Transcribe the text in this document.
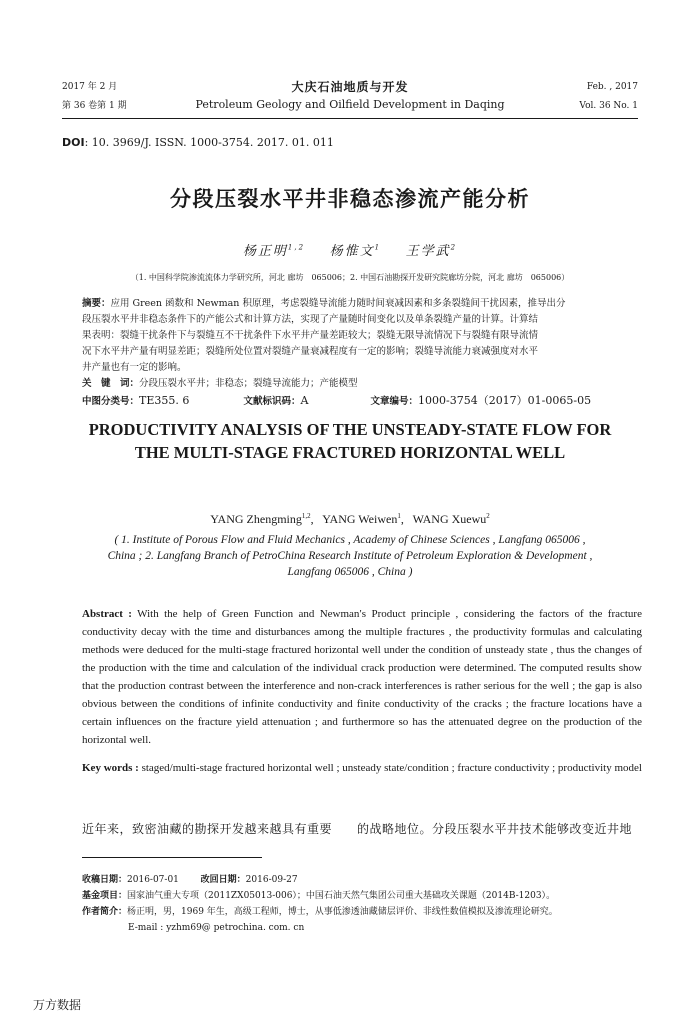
2017 年 2 月
第 36 卷第 1 期
大庆石油地质与开发
Petroleum Geology and Oilfield Development in Daqing
Feb. , 2017
Vol. 36 No. 1
DOI: 10. 3969/J. ISSN. 1000-3754. 2017. 01. 011
分段压裂水平井非稳态渗流产能分析
杨正明$^{1,2}$ 杨惟文$^1$ 王学武$^2$
（1. 中国科学院渗流流体力学研究所，河北 廊坊　065006；2. 中国石油勘探开发研究院廊坊分院，河北 廊坊　065006）
摘要：应用 Green 函数和 Newman 积原理，考虑裂缝导流能力随时间衰减因素和多条裂缝间干扰因素，推导出分
段压裂水平井非稳态条件下的产能公式和计算方法，实现了产量随时间变化以及单条裂缝产量的计算。计算结
果表明：裂缝干扰条件下与裂缝互不干扰条件下水平井产量差距较大；裂缝无限导流情况下与裂缝有限导流情
况下水平井产量有明显差距；裂缝所处位置对裂缝产量衰减程度有一定的影响；裂缝导流能力衰减强度对水平
井产量也有一定的影响。
关　键　词：分段压裂水平井；非稳态；裂缝导流能力；产能模型
中图分类号：TE355. 6	文献标识码：A	文章编号：1000-3754（2017）01-0065-05
PRODUCTIVITY ANALYSIS OF THE UNSTEADY-STATE FLOW FOR
THE MULTI-STAGE FRACTURED HORIZONTAL WELL
YANG Zhengming$^{1,2}$,   YANG Weiwen$^1$,   WANG Xuewu$^2$
( 1. Institute of Porous Flow and Fluid Mechanics , Academy of Chinese Sciences , Langfang 065006 ,
China ; 2. Langfang Branch of PetroChina Research Institute of Petroleum Exploration & Development ,
Langfang 065006 , China )
Abstract : With the help of Green Function and Newman′s Product principle , considering the factors of the fracture conductivity decay with the time and disturbances among the multiple fractures , the productivity formulas and calculating methods were deduced for the multi-stage fractured horizontal well under the condition of unsteady state , thus the changes of the production with the time and calculation of the individual crack production were determined. The computed results show that the production contrast between the interference and non-crack interferences is rather serious for the well ; the gap is also obvious between the conditions of infinite conductivity and finite conductivity of the cracks ; the fracture locations have a certain influences on the fracture yield attenuation ; and furthermore so has the attenuated degree on the production of the horizontal well.
Key words : staged/multi-stage fractured horizontal well ; unsteady state/condition ; fracture conductivity ; productivity model
近年来，致密油藏的勘探开发越来越具有重要　　的战略地位。分段压裂水平井技术能够改变近井地
收稿日期：2016-07-01 改回日期：2016-09-27
基金项目：国家油气重大专项（2011ZX05013-006）；中国石油天然气集团公司重大基础攻关课题（2014B-1203）。
作者简介：杨正明，男，1969 年生，高级工程师，博士，从事低渗透油藏储层评价、非线性数值模拟及渗流理论研究。
E-mail : yzhm69@ petrochina. com. cn
万方数据
